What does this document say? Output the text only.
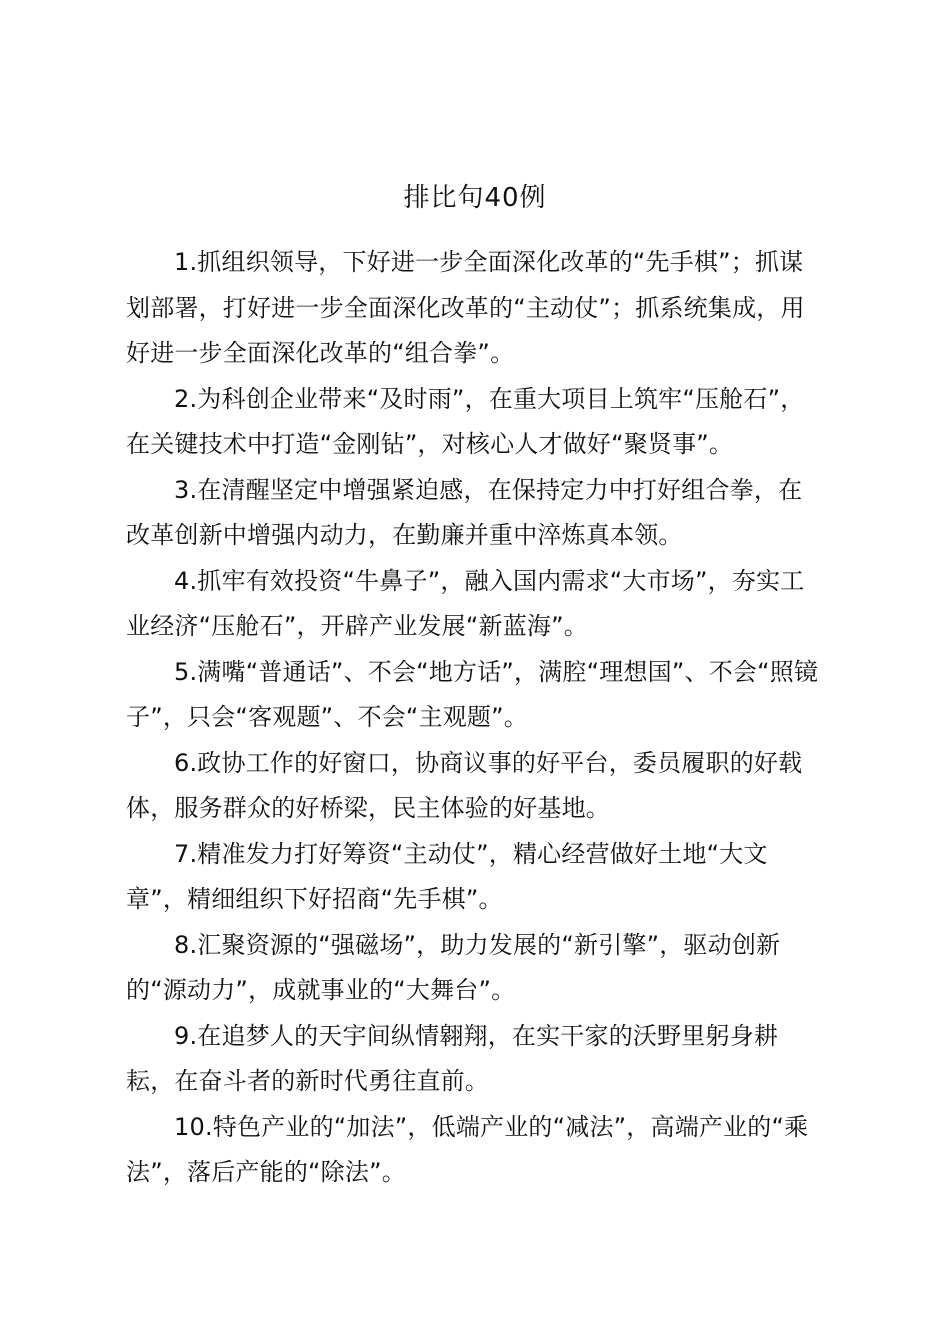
排比句40例

1.抓组织领导，下好进一步全面深化改革的“先手棋”；抓谋划部署，打好进一步全面深化改革的“主动仗”；抓系统集成，用好进一步全面深化改革的“组合拳”。

2.为科创企业带来“及时雨”，在重大项目上筑牢“压舱石”，在关键技术中打造“金刚钻”，对核心人才做好“聚贤事”。

3.在清醒坚定中增强紧迫感，在保持定力中打好组合拳，在改革创新中增强内动力，在勤廉并重中淬炼真本领。

4.抓牢有效投资“牛鼻子”，融入国内需求“大市场”，夯实工业经济“压舱石”，开辟产业发展“新蓝海”。

5.满嘴“普通话”、不会“地方话”，满腔“理想国”、不会“照镜子”，只会“客观题”、不会“主观题”。

6.政协工作的好窗口，协商议事的好平台，委员履职的好载体，服务群众的好桥梁，民主体验的好基地。

7.精准发力打好筹资“主动仗”，精心经营做好土地“大文章”，精细组织下好招商“先手棋”。

8.汇聚资源的“强磁场”，助力发展的“新引擎”，驱动创新的“源动力”，成就事业的“大舞台”。

9.在追梦人的天宇间纵情翱翔，在实干家的沃野里躬身耕耘，在奋斗者的新时代勇往直前。

10.特色产业的“加法”，低端产业的“减法”，高端产业的“乘法”，落后产能的“除法”。
